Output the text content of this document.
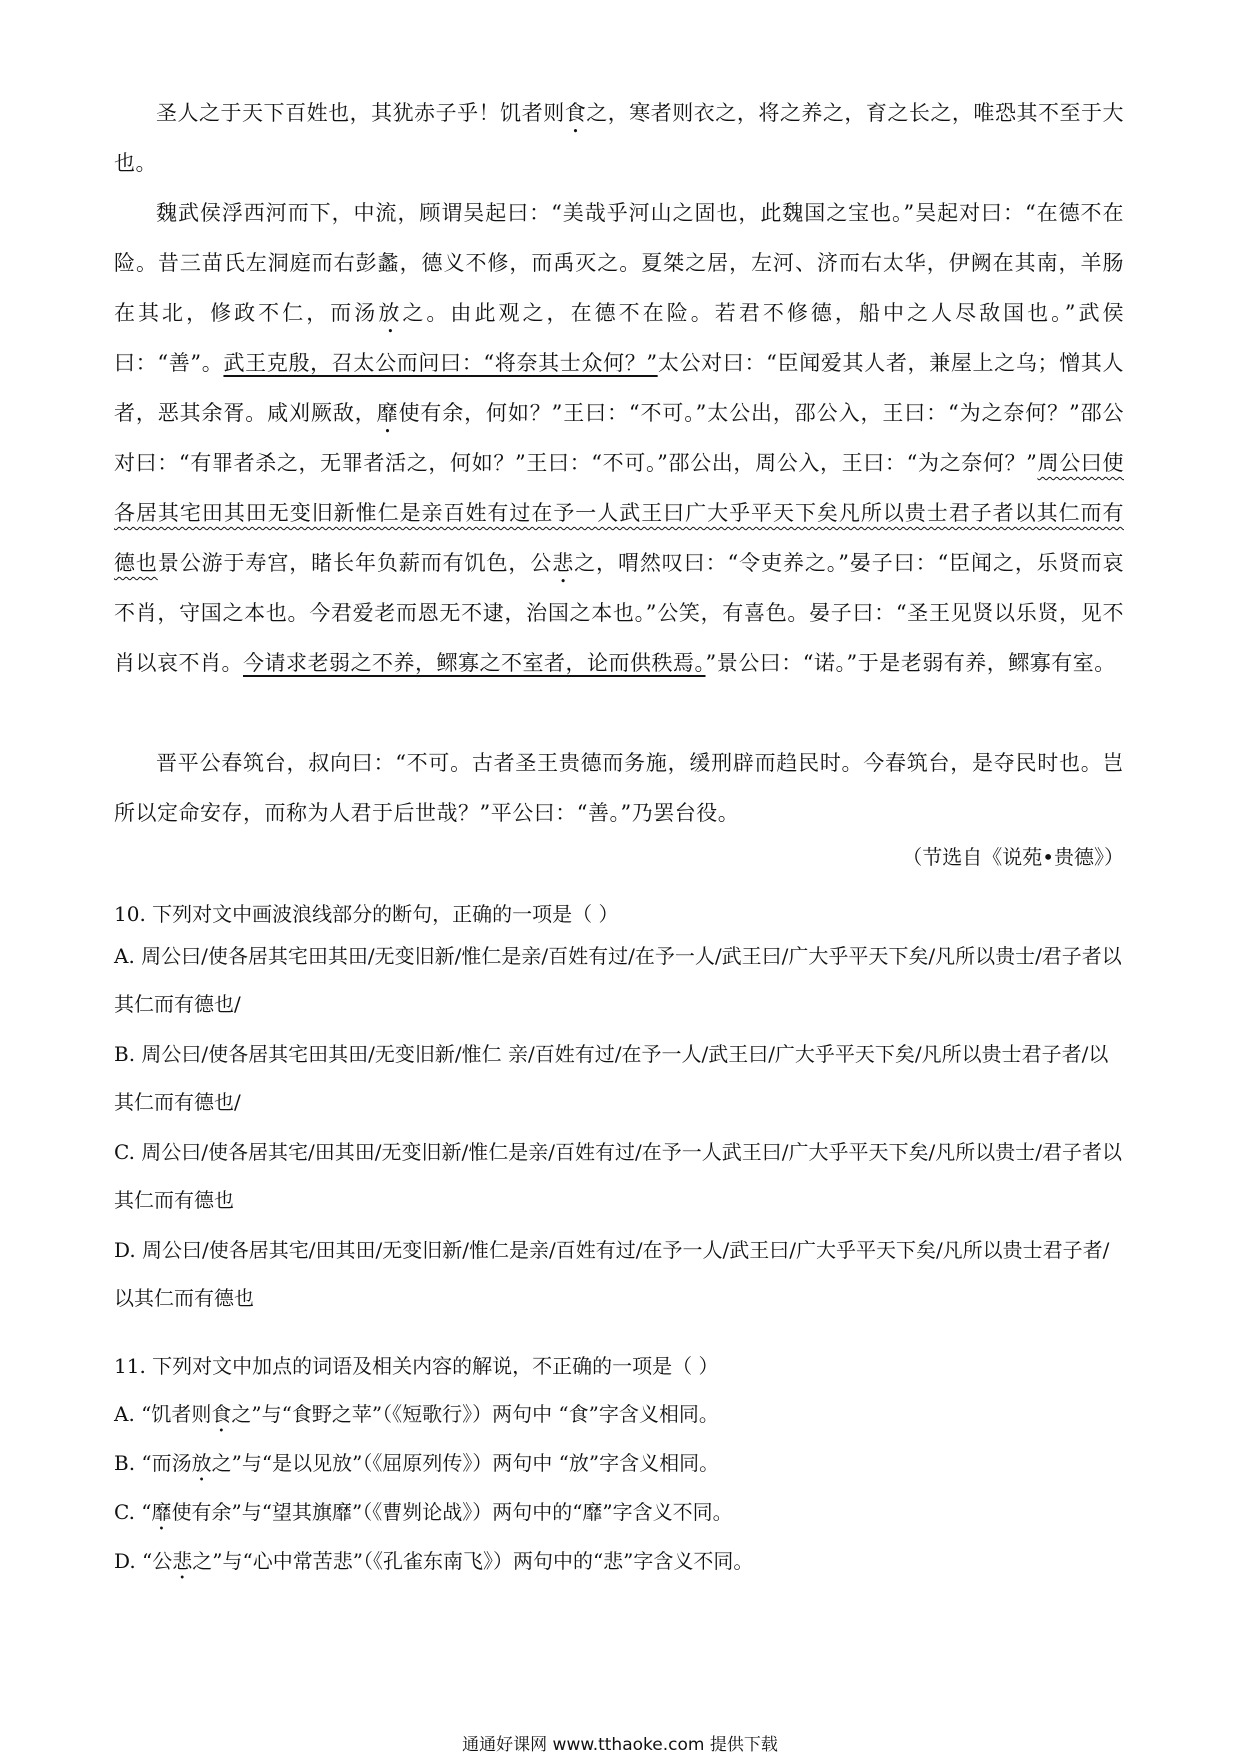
圣人之于天下百姓也，其犹赤子乎！饥者则食之，寒者则衣之，将之养之，育之长之，唯恐其不至于大也。

魏武侯浮西河而下，中流，顾谓吴起曰：“美哉乎河山之固也，此魏国之宝也。”吴起对曰：“在德不在险。昔三苗氏左洞庭而右彭蠡，德义不修，而禹灭之。夏桀之居，左河、济而右太华，伊阙在其南，羊肠在其北，修政不仁，而汤放之。由此观之，在德不在险。若君不修德，船中之人尽敌国也。”武侯曰：“善”。武王克殷，召太公而问曰：“将奈其士众何？”太公对曰：“臣闻爱其人者，兼屋上之乌；憎其人者，恶其余胥。咸刈厥敌，靡使有余，何如？”王曰：“不可。”太公出，邵公入，王曰：“为之奈何？”邵公对曰：“有罪者杀之，无罪者活之，何如？”王曰：“不可。”邵公出，周公入，王曰：“为之奈何？”周公曰使各居其宅田其田无变旧新惟仁是亲百姓有过在予一人武王曰广大乎平天下矣凡所以贵士君子者以其仁而有德也景公游于寿宫，睹长年负薪而有饥色，公悲之，喟然叹曰：“令吏养之。”晏子曰：“臣闻之，乐贤而哀不肖，守国之本也。今君爱老而恩无不逮，治国之本也。”公笑，有喜色。晏子曰：“圣王见贤以乐贤，见不肖以哀不肖。今请求老弱之不养，鳏寡之不室者，论而供秩焉。”景公曰：“诺。”于是老弱有养，鳏寡有室。

晋平公春筑台，叔向曰：“不可。古者圣王贵德而务施，缓刑辟而趋民时。今春筑台，是夺民时也。岂所以定命安存，而称为人君于后世哉？”平公曰：“善。”乃罢台役。

（节选自《说苑•贵德》）

10. 下列对文中画波浪线部分的断句，正确的一项是（ ）

A. 周公曰/使各居其宅田其田/无变旧新/惟仁是亲/百姓有过/在予一人/武王曰/广大乎平天下矣/凡所以贵士/君子者以其仁而有德也/

B. 周公曰/使各居其宅田其田/无变旧新/惟仁 亲/百姓有过/在予一人/武王曰/广大乎平天下矣/凡所以贵士君子者/以其仁而有德也/

C. 周公曰/使各居其宅/田其田/无变旧新/惟仁是亲/百姓有过/在予一人武王曰/广大乎平天下矣/凡所以贵士/君子者以其仁而有德也

D. 周公曰/使各居其宅/田其田/无变旧新/惟仁是亲/百姓有过/在予一人/武王曰/广大乎平天下矣/凡所以贵士君子者/以其仁而有德也

11. 下列对文中加点的词语及相关内容的解说，不正确的一项是（ ）

A. “饥者则食之”与“食野之苹”（《短歌行》）两句中 “食”字含义相同。

B. “而汤放之”与“是以见放”（《屈原列传》）两句中 “放”字含义相同。

C. “靡使有余”与“望其旗靡”（《曹刿论战》）两句中的“靡”字含义不同。

D. “公悲之”与“心中常苦悲”（《孔雀东南飞》）两句中的“悲”字含义不同。

通通好课网 www.tthaoke.com 提供下载
